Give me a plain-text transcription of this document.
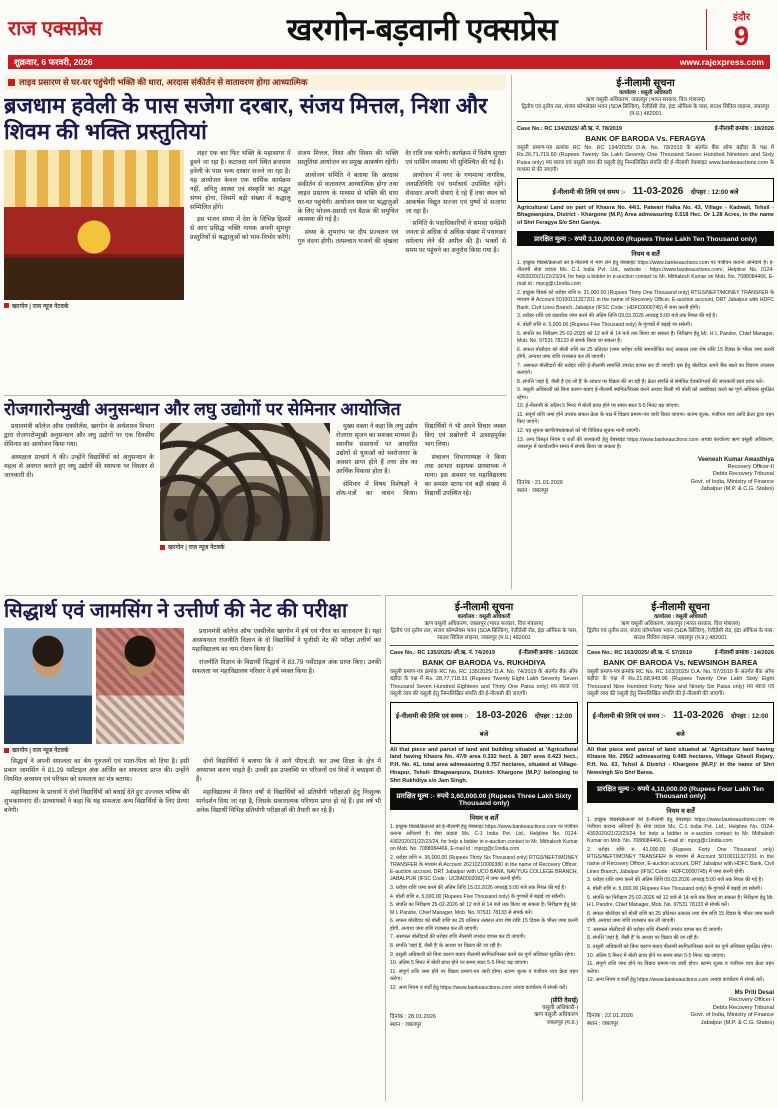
राज एक्सप्रेस	खरगोन-बड़वानी एक्सप्रेस	इंदौर
9
शुक्रवार, 6 फरवरी, 2026	www.rajexpress.com
लाइव प्रसारण से घर-घर पहुंचेगी भक्ति की धारा, अरदास संकीर्तन से वातावरण होगा आध्यात्मिक
ब्रजधाम हवेली के पास सजेगा दरबार, संजय मित्तल, निशा और शिवम की भक्ति प्रस्तुतियां
खरगोन | राज न्यूज नेटवर्क
शहर एक बार फिर भक्ति के महासागर में डूबने जा रहा है। कटावदा मार्ग स्थित ब्रजधाम हवेली के पास भव्य दरबार सजने जा रहा है। यह आयोजन केवल एक धार्मिक कार्यक्रम नहीं, अपितु आस्था एवं संस्कृति का अद्भुत संगम होगा, जिसमें बड़ी संख्या में श्रद्धालु सम्मिलित होंगे।
इस भजन संध्या में देश के विभिन्न हिस्सों से आए प्रसिद्ध भक्ति गायक अपनी सुमधुर प्रस्तुतियों से श्रद्धालुओं को भाव-विभोर करेंगे। संजय मित्तल, निशा और शिवम की भक्ति प्रस्तुतियां आयोजन का प्रमुख आकर्षण रहेंगी।
आयोजन समिति ने बताया कि अरदास संकीर्तन से वातावरण आध्यात्मिक होगा तथा लाइव प्रसारण के माध्यम से भक्ति की धारा घर-घर पहुंचेगी। आयोजन स्थल पर श्रद्धालुओं के लिए भोजन-प्रसादी एवं बैठक की समुचित व्यवस्था की गई है।
संध्या के शुभारंभ पर दीप प्रज्वलन एवं गुरु वंदना होगी। तत्पश्चात भजनों की श्रृंखला देर रात्रि तक चलेगी। कार्यक्रम में विशेष सुरक्षा एवं पार्किंग व्यवस्था भी सुनिश्चित की गई है।
आयोजन में नगर के गणमान्य नागरिक, जनप्रतिनिधि एवं धर्माचार्य उपस्थित रहेंगे। सेवादार अपनी सेवाएं दे रहे हैं तथा स्थल को आकर्षक विद्युत सज्जा एवं पुष्पों से सजाया जा रहा है।
समिति के पदाधिकारियों ने समस्त धर्मप्रेमी जनता से अधिक से अधिक संख्या में पधारकर धर्मलाभ लेने की अपील की है। भक्तों से समय पर पहुंचने का अनुरोध किया गया है।
ई-नीलामी सूचना
कार्यालय : वसूली अधिकारी
ऋण वसूली अधिकरण, जबलपुर (भारत सरकार, वित्त मंत्रालय)
द्वितीय एवं तृतीय तल, संजय कॉम्प्लेक्स भवन (SDA बिल्डिंग), रेजीडेंसी रोड, इंद्रा ऑफिस के पास, साउथ सिविल लाइन्स, जबलपुर (म.प्र.) 482001
Case No.: RC 134/2025/ औ.ऋ. नं. 78/2019	ई-नीलामी क्रमांक : 18/2026
BANK OF BARODA Vs. FERAGYA
वसूली प्रमाण-पत्र क्रमांक RC No. RC 134/2025/ D.A. No. 78/2019 के अंतर्गत बैंक ऑफ बड़ौदा के पक्ष में Rs.26,71,719.60 (Rupees Twenty Six Lakh Seventy One Thousand Seven Hundred Nineteen and Sixty Paisa only) मय ब्याज एवं वसूली व्यय की वसूली हेतु निम्नलिखित संपत्ति की ई-नीलामी वेबसाइट www.bankeauctions.com के माध्यम से की जाएगी।
ई-नीलामी की तिथि एवं समय :- 11-03-2026 दोपहर : 12:00 बजे
Agricultural Land on part of Khasra No. 44/1, Patwari Halka No. 43, Village - Kadwali, Tehsil - Bhagwanpura, District - Khargone (M.P.) Area admeasuring 0.518 Hec. Or 1.28 Acres, in the name of Shri Feragya S/o Shri Ganiya.
प्रारक्षित मूल्य :- रुपये 3,10,000.00 (Rupees Three Lakh Ten Thousand only)
नियम व शर्तें
1. इच्छुक बिडर्स/क्रेताओं को ई-नीलामी में भाग लेने हेतु वेबसाइट https://www.bankeauctions.com पर पंजीयन कराना अनिवार्य है। ई-नीलामी सेवा प्रदाता Ms. C-1 India Pvt. Ltd., website : https://www.bankeauctions.com/, Helpline No. 0124-4302020/21/22/23/24, for help a bidder in e-auction contact to Mr. Mithalesh Kumar on Mob. No. 7088084466, E-mail id : mpcg@c1india.com
2. इच्छुक बिडर्स को धरोहर राशि रु. 31,000.00 (Rupees Thirty One Thousand only) RTGS/NEFT/MONEY TRANSFER के माध्यम से Account 50100111327201 in the name of Recovery Officer, E-auction account, DRT Jabalpur with HDFC Bank, Civil Lines Branch, Jabalpur (IFSC Code : HDFC0000745) में जमा करनी होगी।
3. धरोहर राशि एवं दस्तावेज जमा करने की अंतिम तिथि 09.03.2026 अपराह्न 5:00 बजे तक नियत की गई है।
4. बोली राशि रु. 5,000.00 (Rupees Five Thousand only) के गुणकों में बढ़ाई जा सकेगी।
5. संपत्ति का निरीक्षण 25-02-2026 को 12 बजे से 14 बजे तक किया जा सकता है। निरीक्षण हेतु Mr. H L Pandre, Chief Manager, Mob. No. 97531 78133 से संपर्क किया जा सकता है।
6. सफल बोलीदार को बोली राशि का 25 प्रतिशत (जमा धरोहर राशि समायोजित कर) तत्काल तथा शेष राशि 15 दिवस के भीतर जमा करनी होगी, अन्यथा जमा राशि राजसात कर ली जाएगी।
7. असफल बोलीदारों की धरोहर राशि ई-नीलामी समाप्ति उपरांत वापस कर दी जाएगी। इस हेतु बोलीदार अपने बैंक खाते का विवरण उपलब्ध कराएंगे।
8. संपत्ति 'जहां है, जैसी है एवं जो है' के आधार पर विक्रय की जा रही है। क्रेता संपत्ति से संबंधित देयकों/भारों की जानकारी स्वयं प्राप्त करें।
9. वसूली अधिकारी को बिना कारण बताए ई-नीलामी स्थगित/निरस्त करने अथवा किसी भी बोली को अस्वीकार करने का पूर्ण अधिकार सुरक्षित रहेगा।
10. ई-नीलामी के अंतिम 5 मिनट में बोली प्राप्त होने पर समय स्वतः 5-5 मिनट बढ़ जाएगा।
11. संपूर्ण राशि जमा होने उपरांत सफल क्रेता के पक्ष में विक्रय प्रमाण-पत्र जारी किया जाएगा। स्टाम्प शुल्क, पंजीयन व्यय आदि क्रेता द्वारा वहन किए जाएंगे।
12. यह सूचना ऋणी/बंधककर्ता को भी विधिवत सूचना मानी जाएगी।
13. अन्य विस्तृत नियम व शर्तों की जानकारी हेतु वेबसाइट https://www.bankeauctions.com अथवा कार्यालय ऋण वसूली अधिकरण, जबलपुर में कार्यालयीन समय में संपर्क किया जा सकता है।
दिनांक : 21.01.2026
स्थान : जबलपुर
Veenesh Kumar Awasthiya
Recovery Officer-II
Debts Recovery Tribunal
Govt. of India, Ministry of Finance
Jabalpur (M.P. & C.G. States)
रोजगारोन्मुखी अनुसन्धान और लघु उद्योगों पर सेमिनार आयोजित
प्रधानमंत्री कॉलेज ऑफ एक्सीलेंस, खरगोन के अर्थशास्त्र विभाग द्वारा रोजगारोन्मुखी अनुसन्धान और लघु उद्योगों पर एक दिवसीय सेमिनार का आयोजन किया गया।
अध्यक्षता प्राचार्य ने की। उन्होंने विद्यार्थियों को अनुसन्धान के महत्व से अवगत कराते हुए लघु उद्योगों की स्थापना पर विस्तार से जानकारी दी।
खरगोन | राज न्यूज नेटवर्क
मुख्य वक्ता ने कहा कि लघु उद्योग रोजगार सृजन का सशक्त माध्यम हैं। स्थानीय संसाधनों पर आधारित उद्योगों से युवाओं को स्वरोजगार के अवसर प्राप्त होते हैं तथा क्षेत्र का आर्थिक विकास होता है।
सेमिनार में विषय विशेषज्ञों ने शोध-पत्रों का वाचन किया। विद्यार्थियों ने भी अपने विचार व्यक्त किए एवं प्रश्नोत्तरी में उत्साहपूर्वक भाग लिया।
संचालन विभागाध्यक्ष ने किया तथा आभार सहायक प्राध्यापक ने माना। इस अवसर पर महाविद्यालय का समस्त स्टाफ एवं बड़ी संख्या में विद्यार्थी उपस्थित रहे।
सिद्धार्थ एवं जामसिंग ने उत्तीर्ण की नेट की परीक्षा
खरगोन | राज न्यूज नेटवर्क
प्रधानमंत्री कॉलेज ऑफ एक्सीलेंस खरगोन में हर्ष एवं गौरव का वातावरण है। यहां अध्ययनरत राजनीति विज्ञान के दो विद्यार्थियों ने यूजीसी नेट की परीक्षा उत्तीर्ण कर महाविद्यालय का नाम रोशन किया है।
राजनीति विज्ञान के विद्यार्थी सिद्धार्थ ने 83.79 पर्सेंटाइल अंक प्राप्त किए। उनकी सफलता पर महाविद्यालय परिवार ने हर्ष व्यक्त किया है।
सिद्धार्थ ने अपनी सफलता का श्रेय गुरुजनों एवं माता-पिता को दिया है। इसी प्रकार जामसिंग ने 81.29 पर्सेंटाइल अंक अर्जित कर सफलता प्राप्त की। उन्होंने नियमित अध्ययन एवं परिश्रम को सफलता का मंत्र बताया।
महाविद्यालय के प्राचार्य ने दोनों विद्यार्थियों को बधाई देते हुए उज्ज्वल भविष्य की शुभकामनाएं दीं। प्राध्यापकों ने कहा कि यह सफलता अन्य विद्यार्थियों के लिए प्रेरणा बनेगी।
दोनों विद्यार्थियों ने बताया कि वे आगे पीएच.डी. कर उच्च शिक्षा के क्षेत्र में अध्यापन करना चाहते हैं। उनकी इस उपलब्धि पर परिजनों एवं मित्रों ने बधाइयां दी हैं।
महाविद्यालय में विगत वर्षों से विद्यार्थियों को प्रतियोगी परीक्षाओं हेतु निःशुल्क मार्गदर्शन दिया जा रहा है, जिसके सकारात्मक परिणाम प्राप्त हो रहे हैं। इस वर्ष भी अनेक विद्यार्थी विभिन्न प्रतियोगी परीक्षाओं की तैयारी कर रहे हैं।
ई-नीलामी सूचना
कार्यालय : वसूली अधिकारी
ऋण वसूली अधिकरण, जबलपुर (भारत सरकार, वित्त मंत्रालय)
द्वितीय एवं तृतीय तल, संजय कॉम्प्लेक्स भवन (SDA बिल्डिंग), रेजीडेंसी रोड, इंद्रा ऑफिस के पास, साउथ सिविल लाइन्स, जबलपुर (म.प्र.) 482001
Case No.: RC 135/2025/ औ.ऋ. नं. 74/2019	ई-नीलामी क्रमांक : 16/2026
BANK OF BARODA Vs. RUKHDIYA
वसूली प्रमाण-पत्र क्रमांक RC No. RC 135/2025/ D.A. No. 74/2019 के अंतर्गत बैंक ऑफ बड़ौदा के पक्ष में Rs. 28,77,718.31 (Rupees Twenty Eight Lakh Seventy Seven Thousand Seven Hundred Eighteen and Thirty One Paisa only) मय ब्याज एवं वसूली व्यय की वसूली हेतु निम्नलिखित संपत्ति की ई-नीलामी की जाएगी।
ई-नीलामी की तिथि एवं समय :- 18-03-2026 दोपहर : 12:00 बजे
All that piece and parcel of land and building situated at 'Agricultural land having Khasra No. 47/9 area 0.332 hect. & 38/7 area 0.423 hect., P.H. No. 41, total area admeasuring 0.757 hectares, situated at Village- Hirapur, Tehsil- Bhagwanpura, District- Khargone (M.P.)' belonging to Shri Rukhdiya s/o Jam Singh.
प्रारक्षित मूल्य :- रुपये 3,60,000.00 (Rupees Three Lakh Sixty Thousand only)
नियम व शर्तें
1. इच्छुक बिडर्स/क्रेताओं को ई-नीलामी हेतु वेबसाइट https://www.bankeauctions.com पर पंजीयन कराना अनिवार्य है। सेवा प्रदाता Ms. C-1 India Pvt. Ltd., Helpline No. 0124-4302020/21/22/23/24, for help a bidder in e-auction contact to Mr. Mithalesh Kumar on Mob. No. 7088084466, E-mail id : mpcg@c1india.com
2. धरोहर राशि रु. 36,000.00 (Rupees Thirty Six Thousand only) RTGS/NEFT/MONEY TRANSFER के माध्यम से Account 26210210000380 in the name of Recovery Officer, E-auction account, DRT Jabalpur with UCO BANK, NAVYUG COLLEGE BRANCH, JABALPUR (IFSC Code : UCBA0002082) में जमा करनी होगी।
3. धरोहर राशि जमा करने की अंतिम तिथि 15.03.2026 अपराह्न 5:00 बजे तक नियत की गई है।
4. बोली राशि रु. 5,000.00 (Rupees Five Thousand only) के गुणकों में बढ़ाई जा सकेगी।
5. संपत्ति का निरीक्षण 25-02-2026 को 12 बजे से 14 बजे तक किया जा सकता है। निरीक्षण हेतु Mr. M L Pandre, Chief Manager, Mob. No. 97531 78133 से संपर्क करें।
6. सफल बोलीदार को बोली राशि का 25 प्रतिशत तत्काल तथा शेष राशि 15 दिवस के भीतर जमा करनी होगी, अन्यथा जमा राशि राजसात कर ली जाएगी।
7. असफल बोलीदारों की धरोहर राशि नीलामी उपरांत वापस कर दी जाएगी।
8. संपत्ति 'जहां है, जैसी है' के आधार पर विक्रय की जा रही है।
9. वसूली अधिकारी को बिना कारण बताए नीलामी स्थगित/निरस्त करने का पूर्ण अधिकार सुरक्षित रहेगा।
10. अंतिम 5 मिनट में बोली प्राप्त होने पर समय स्वतः 5-5 मिनट बढ़ जाएगा।
11. संपूर्ण राशि जमा होने पर विक्रय प्रमाण-पत्र जारी होगा। स्टाम्प शुल्क व पंजीयन व्यय क्रेता वहन करेगा।
12. अन्य नियम व शर्तों हेतु https://www.bankeauctions.com अथवा कार्यालय में संपर्क करें।
दिनांक : 28.01.2026
स्थान : जबलपुर
(प्रीति देसाई)
वसूली अधिकारी-I
ऋण वसूली अधिकरण
जबलपुर (म.प्र.)
ई-नीलामी सूचना
कार्यालय : वसूली अधिकारी
ऋण वसूली अधिकरण, जबलपुर (भारत सरकार, वित्त मंत्रालय)
द्वितीय एवं तृतीय तल, संजय कॉम्प्लेक्स भवन (SDA बिल्डिंग), रेजीडेंसी रोड, इंद्रा ऑफिस के पास, साउथ सिविल लाइन्स, जबलपुर (म.प्र.) 482001
Case No.: RC 163/2025/ औ.ऋ. नं. 57/2019	ई-नीलामी क्रमांक : 14/2026
BANK OF BARODA Vs. NEWSINGH BAREA
वसूली प्रमाण-पत्र क्रमांक RC No. RC 163/2025/ D.A. No. 57/2019 के अंतर्गत बैंक ऑफ बड़ौदा के पक्ष में Rs.21,68,949.96 (Rupees Twenty One Lakh Sixty Eight Thousand Nine Hundred Forty Nine and Ninety Six Paisa only) मय ब्याज एवं वसूली व्यय की वसूली हेतु निम्नलिखित संपत्ति की ई-नीलामी की जाएगी।
ई-नीलामी की तिथि एवं समय :- 11-03-2026 दोपहर : 12:00 बजे
All that piece and parcel of land situated at 'Agriculture land having Khasra No. 295/2 admeasuring 0.485 hectares, Village Gheoli Rojary, P.H. No. 63, Tehsil & District - Khargone (M.P.)' in the name of Shri Newsingh S/o Shri Barea.
प्रारक्षित मूल्य :- रुपये 4,10,000.00 (Rupees Four Lakh Ten Thousand only)
नियम व शर्तें
1. इच्छुक बिडर्स/क्रेताओं को ई-नीलामी हेतु वेबसाइट https://www.bankeauctions.com पर पंजीयन कराना अनिवार्य है। सेवा प्रदाता Ms. C-1 India Pvt. Ltd., Helpline No. 0124-4302020/21/22/23/24, for help a bidder in e-auction contact to Mr. Mithalesh Kumar on Mob. No. 7088084466, E-mail id : mpcg@c1india.com
2. धरोहर राशि रु. 41,000.00 (Rupees Forty One Thousand only) RTGS/NEFT/MONEY TRANSFER के माध्यम से Account 50100111327201 in the name of Recovery Officer, E-auction account, DRT Jabalpur with HDFC Bank, Civil Lines Branch, Jabalpur (IFSC Code : HDFC0000745) में जमा करनी होगी।
3. धरोहर राशि जमा करने की अंतिम तिथि 09.03.2026 अपराह्न 5:00 बजे तक नियत की गई है।
4. बोली राशि रु. 5,000.00 (Rupees Five Thousand only) के गुणकों में बढ़ाई जा सकेगी।
5. संपत्ति का निरीक्षण 25-02-2026 को 12 बजे से 14 बजे तक किया जा सकता है। निरीक्षण हेतु Mr. H L Pandre, Chief Manager, Mob. No. 97531 78133 से संपर्क करें।
6. सफल बोलीदार को बोली राशि का 25 प्रतिशत तत्काल तथा शेष राशि 15 दिवस के भीतर जमा करनी होगी, अन्यथा जमा राशि राजसात कर ली जाएगी।
7. असफल बोलीदारों की धरोहर राशि नीलामी उपरांत वापस कर दी जाएगी।
8. संपत्ति 'जहां है, जैसी है' के आधार पर विक्रय की जा रही है।
9. वसूली अधिकारी को बिना कारण बताए नीलामी स्थगित/निरस्त करने का पूर्ण अधिकार सुरक्षित रहेगा।
10. अंतिम 5 मिनट में बोली प्राप्त होने पर समय स्वतः 5-5 मिनट बढ़ जाएगा।
11. संपूर्ण राशि जमा होने पर विक्रय प्रमाण-पत्र जारी होगा। स्टाम्प शुल्क व पंजीयन व्यय क्रेता वहन करेगा।
12. अन्य नियम व शर्तों हेतु https://www.bankeauctions.com अथवा कार्यालय में संपर्क करें।
दिनांक : 22.01.2026
स्थान : जबलपुर
Ms Priti Desai
Recovery Officer-I
Debts Recovery Tribunal
Govt. of India, Ministry of Finance
Jabalpur (M.P. & C.G. States)
